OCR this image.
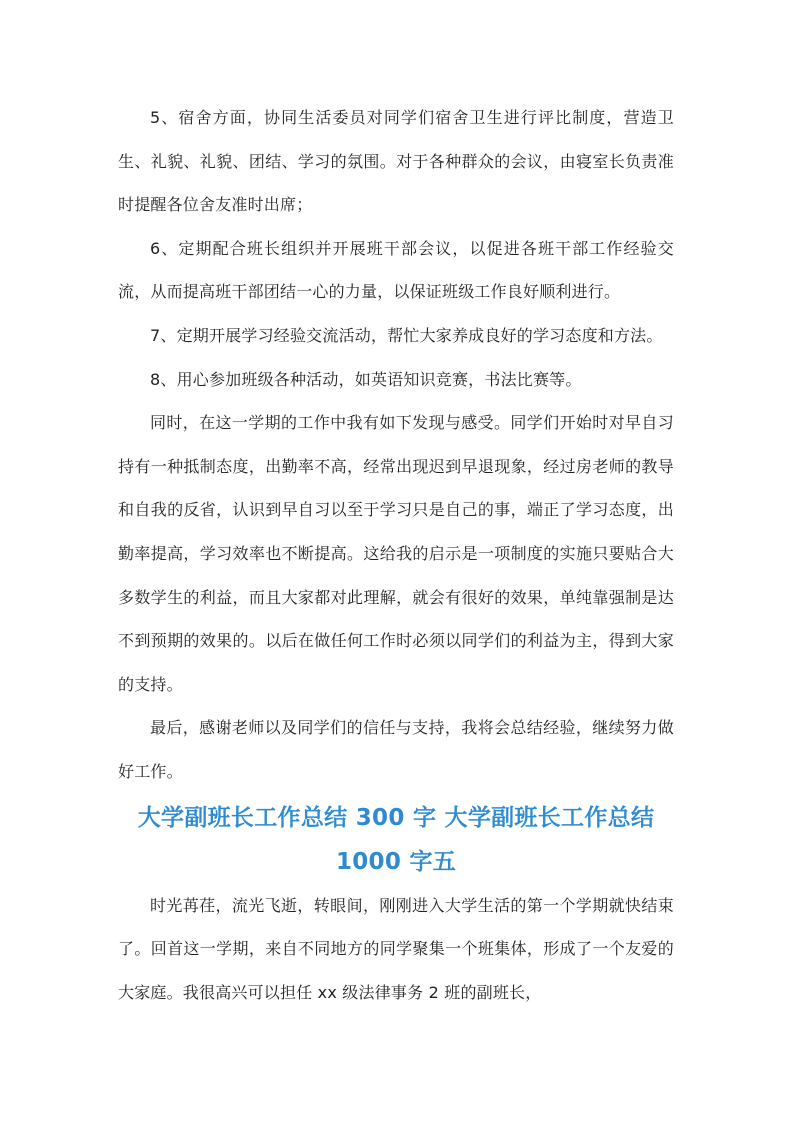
5、宿舍方面，协同生活委员对同学们宿舍卫生进行评比制度，营造卫生、礼貌、礼貌、团结、学习的氛围。对于各种群众的会议，由寝室长负责准时提醒各位舍友准时出席；

6、定期配合班长组织并开展班干部会议，以促进各班干部工作经验交流，从而提高班干部团结一心的力量，以保证班级工作良好顺利进行。

7、定期开展学习经验交流活动，帮忙大家养成良好的学习态度和方法。

8、用心参加班级各种活动，如英语知识竞赛，书法比赛等。

同时，在这一学期的工作中我有如下发现与感受。同学们开始时对早自习持有一种抵制态度，出勤率不高，经常出现迟到早退现象，经过房老师的教导和自我的反省，认识到早自习以至于学习只是自己的事，端正了学习态度，出勤率提高，学习效率也不断提高。这给我的启示是一项制度的实施只要贴合大多数学生的利益，而且大家都对此理解，就会有很好的效果，单纯靠强制是达不到预期的效果的。以后在做任何工作时必须以同学们的利益为主，得到大家的支持。

最后，感谢老师以及同学们的信任与支持，我将会总结经验，继续努力做好工作。

大学副班长工作总结 300 字 大学副班长工作总结 1000 字五

时光苒荏，流光飞逝，转眼间，刚刚进入大学生活的第一个学期就快结束了。回首这一学期，来自不同地方的同学聚集一个班集体，形成了一个友爱的大家庭。我很高兴可以担任 xx 级法律事务 2 班的副班长，
